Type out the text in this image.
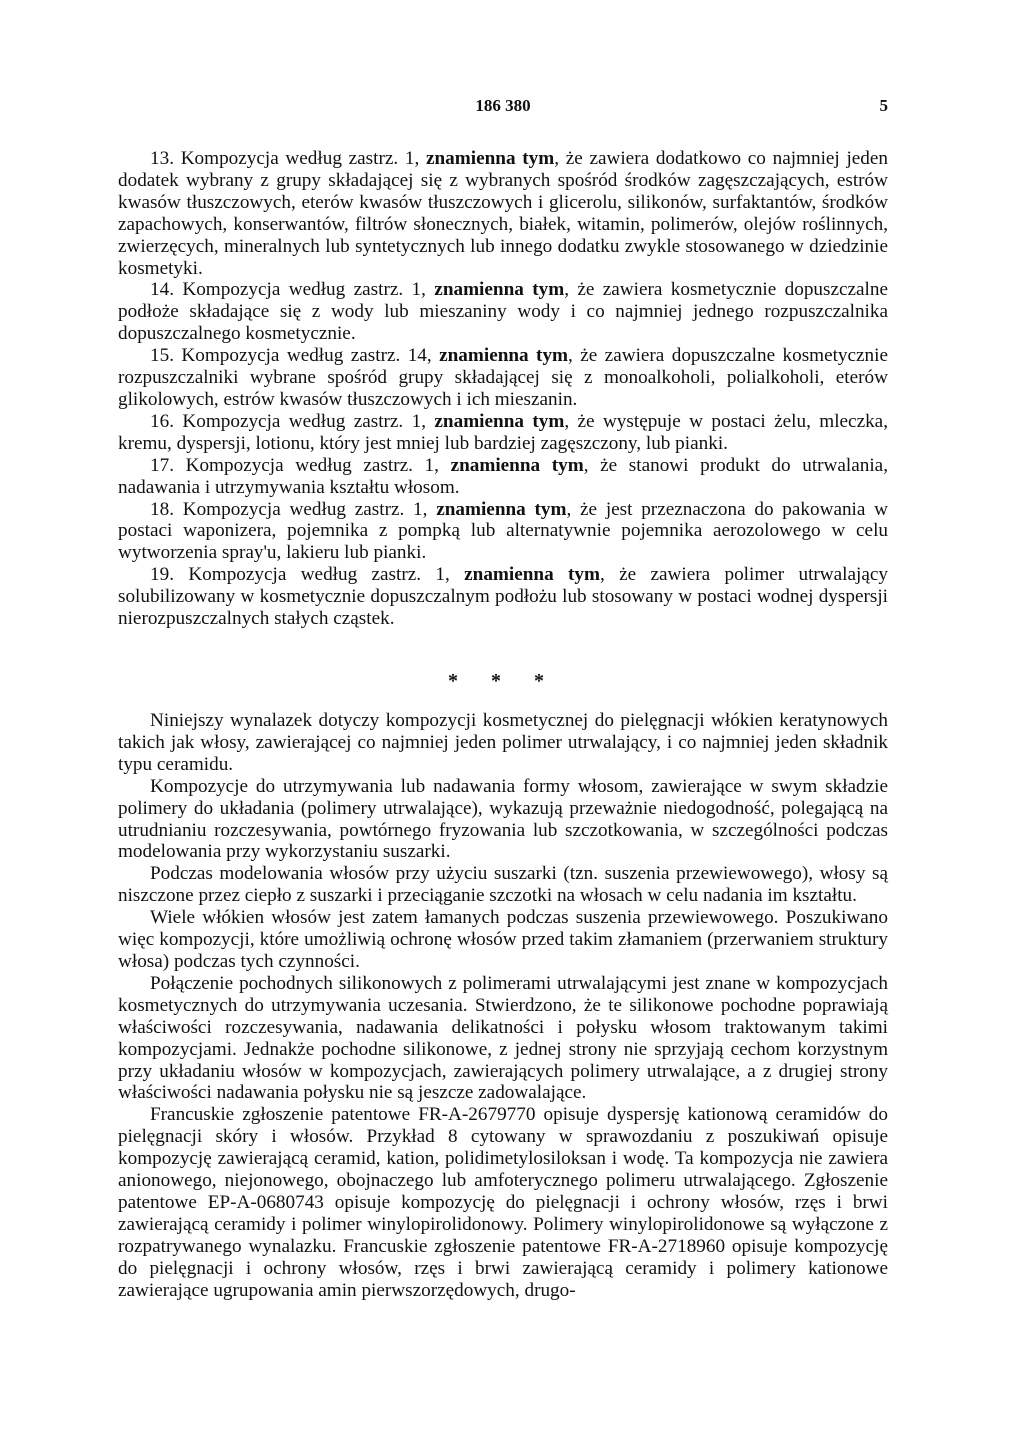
186 380	5

13. Kompozycja według zastrz. 1, znamienna tym, że zawiera dodatkowo co najmniej jeden dodatek wybrany z grupy składającej się z wybranych spośród środków zagęszczających, estrów kwasów tłuszczowych, eterów kwasów tłuszczowych i glicerolu, silikonów, surfaktantów, środków zapachowych, konserwantów, filtrów słonecznych, białek, witamin, polimerów, olejów roślinnych, zwierzęcych, mineralnych lub syntetycznych lub innego dodatku zwykle stosowanego w dziedzinie kosmetyki.

14. Kompozycja według zastrz. 1, znamienna tym, że zawiera kosmetycznie dopuszczalne podłoże składające się z wody lub mieszaniny wody i co najmniej jednego rozpuszczalnika dopuszczalnego kosmetycznie.

15. Kompozycja według zastrz. 14, znamienna tym, że zawiera dopuszczalne kosmetycznie rozpuszczalniki wybrane spośród grupy składającej się z monoalkoholi, polialkoholi, eterów glikolowych, estrów kwasów tłuszczowych i ich mieszanin.

16. Kompozycja według zastrz. 1, znamienna tym, że występuje w postaci żelu, mleczka, kremu, dyspersji, lotionu, który jest mniej lub bardziej zagęszczony, lub pianki.

17. Kompozycja według zastrz. 1, znamienna tym, że stanowi produkt do utrwalania, nadawania i utrzymywania kształtu włosom.

18. Kompozycja według zastrz. 1, znamienna tym, że jest przeznaczona do pakowania w postaci waponizera, pojemnika z pompką lub alternatywnie pojemnika aerozolowego w celu wytworzenia spray'u, lakieru lub pianki.

19. Kompozycja według zastrz. 1, znamienna tym, że zawiera polimer utrwalający solubilizowany w kosmetycznie dopuszczalnym podłożu lub stosowany w postaci wodnej dyspersji nierozpuszczalnych stałych cząstek.

* * *

Niniejszy wynalazek dotyczy kompozycji kosmetycznej do pielęgnacji włókien keratynowych takich jak włosy, zawierającej co najmniej jeden polimer utrwalający, i co najmniej jeden składnik typu ceramidu.

Kompozycje do utrzymywania lub nadawania formy włosom, zawierające w swym składzie polimery do układania (polimery utrwalające), wykazują przeważnie niedogodność, polegającą na utrudnianiu rozczesywania, powtórnego fryzowania lub szczotkowania, w szczególności podczas modelowania przy wykorzystaniu suszarki.

Podczas modelowania włosów przy użyciu suszarki (tzn. suszenia przewiewowego), włosy są niszczone przez ciepło z suszarki i przeciąganie szczotki na włosach w celu nadania im kształtu.

Wiele włókien włosów jest zatem łamanych podczas suszenia przewiewowego. Poszukiwano więc kompozycji, które umożliwią ochronę włosów przed takim złamaniem (przerwaniem struktury włosa) podczas tych czynności.

Połączenie pochodnych silikonowych z polimerami utrwalającymi jest znane w kompozycjach kosmetycznych do utrzymywania uczesania. Stwierdzono, że te silikonowe pochodne poprawiają właściwości rozczesywania, nadawania delikatności i połysku włosom traktowanym takimi kompozycjami. Jednakże pochodne silikonowe, z jednej strony nie sprzyjają cechom korzystnym przy układaniu włosów w kompozycjach, zawierających polimery utrwalające, a z drugiej strony właściwości nadawania połysku nie są jeszcze zadowalające.

Francuskie zgłoszenie patentowe FR-A-2679770 opisuje dyspersję kationową ceramidów do pielęgnacji skóry i włosów. Przykład 8 cytowany w sprawozdaniu z poszukiwań opisuje kompozycję zawierającą ceramid, kation, polidimetylosiloksan i wodę. Ta kompozycja nie zawiera anionowego, niejonowego, obojnaczego lub amfoterycznego polimeru utrwalającego. Zgłoszenie patentowe EP-A-0680743 opisuje kompozycję do pielęgnacji i ochrony włosów, rzęs i brwi zawierającą ceramidy i polimer winylopirolidonowy. Polimery winylopirolidonowe są wyłączone z rozpatrywanego wynalazku. Francuskie zgłoszenie patentowe FR-A-2718960 opisuje kompozycję do pielęgnacji i ochrony włosów, rzęs i brwi zawierającą ceramidy i polimery kationowe zawierające ugrupowania amin pierwszorzędowych, drugo-
